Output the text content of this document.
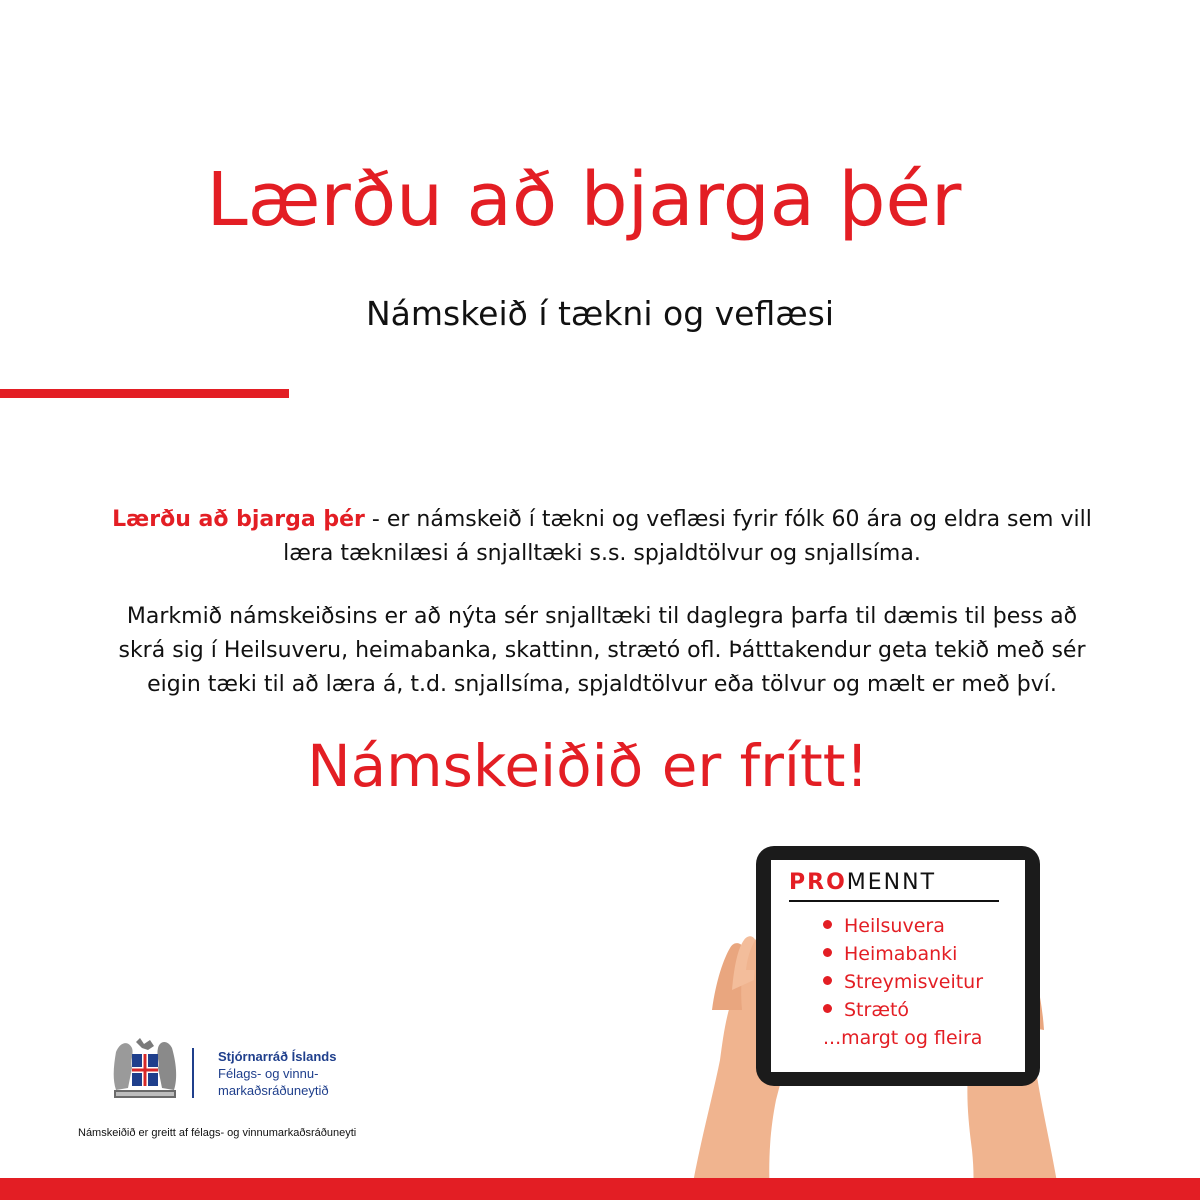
Lærðu að bjarga þér
Námskeið í tækni og veflæsi
Lærðu að bjarga þér - er námskeið í tækni og veflæsi fyrir fólk 60 ára og eldra sem vill
læra tæknilæsi á snjalltæki s.s. spjaldtölvur og snjallsíma.
Markmið námskeiðsins er að nýta sér snjalltæki til daglegra þarfa til dæmis til þess að
skrá sig í Heilsuveru, heimabanka, skattinn, strætó ofl. Þátttakendur geta tekið með sér
eigin tæki til að læra á, t.d. snjallsíma, spjaldtölvur eða tölvur og mælt er með því.
Námskeiðið er frítt!
PROMENNT
Heilsuvera
Heimabanki
Streymisveitur
Strætó
...margt og fleira
Stjórnarráð Íslands
Félags- og vinnu-
markaðsráðuneytið
Námskeiðið er greitt af félags- og vinnumarkaðsráðuneyti
